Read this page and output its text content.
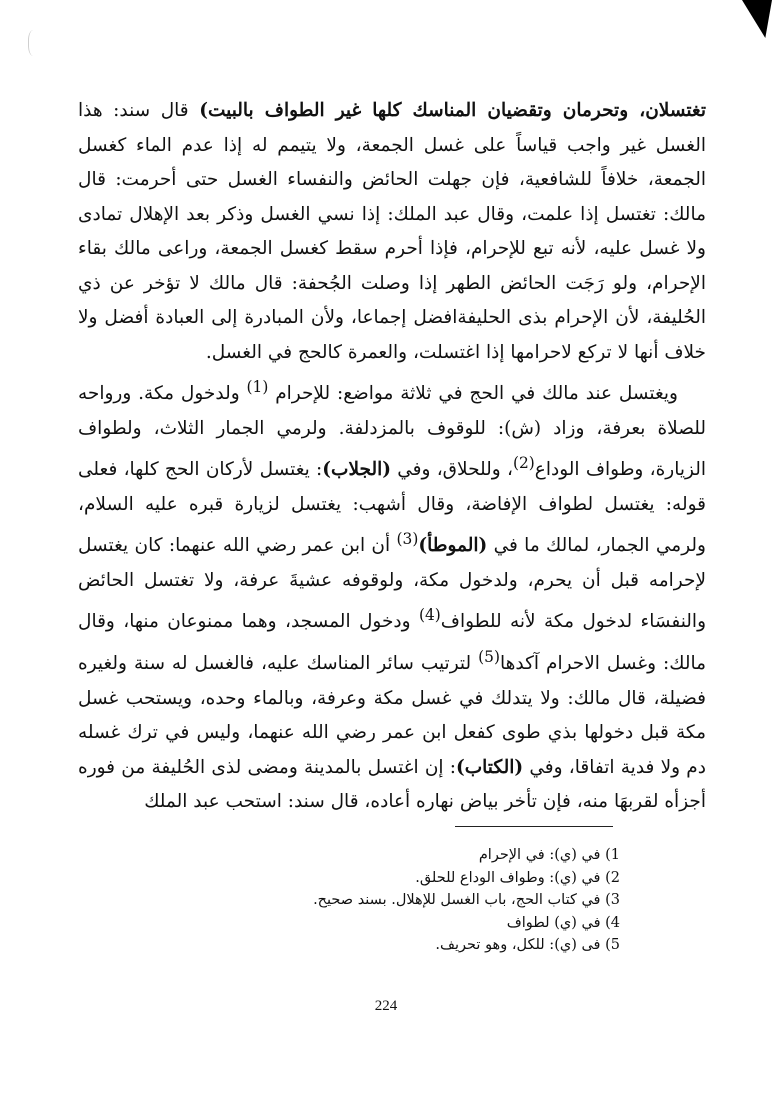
تغتسلان، وتحرمان وتقضيان المناسك كلها غير الطواف بالبيت) قال سند: هذا الغسل غير واجب قياساً على غسل الجمعة، ولا يتيمم له إذا عدم الماء كغسل الجمعة، خلافاً للشافعية، فإن جهلت الحائض والنفساء الغسل حتى أحرمت: قال مالك: تغتسل إذا علمت، وقال عبد الملك: إذا نسي الغسل وذكر بعد الإهلال تمادى ولا غسل عليه، لأنه تبع للإحرام، فإذا أحرم سقط كغسل الجمعة، وراعى مالك بقاء الإحرام، ولو رَجَت الحائض الطهر إذا وصلت الجُحفة: قال مالك لا تؤخر عن ذي الحُليفة، لأن الإحرام بذى الحليفةافضل إجماعا، ولأن المبادرة إلى العبادة أفضل ولا خلاف أنها لا تركع لاحرامها إذا اغتسلت، والعمرة كالحج في الغسل.

ويغتسل عند مالك في الحج في ثلاثة مواضع: للإحرام $^{(1)}$ ولدخول مكة. ورواحه للصلاة بعرفة، وزاد (ش): للوقوف بالمزدلفة. ولرمي الجمار الثلاث، ولطواف الزيارة، وطواف الوداع$^{(2)}$، وللحلاق، وفي (الجلاب): يغتسل لأركان الحج كلها، فعلى قوله: يغتسل لطواف الإفاضة، وقال أشهب: يغتسل لزيارة قبره عليه السلام، ولرمي الجمار، لمالك ما في (الموطأ)$^{(3)}$ أن ابن عمر رضي الله عنهما: كان يغتسل لإحرامه قبل أن يحرم، ولدخول مكة، ولوقوفه عشيةَ عرفة، ولا تغتسل الحائض والنفسَاء لدخول مكة لأنه للطواف$^{(4)}$ ودخول المسجد، وهما ممنوعان منها، وقال مالك: وغسل الاحرام آكدها$^{(5)}$ لترتيب سائر المناسك عليه، فالغسل له سنة ولغيره فضيلة، قال مالك: ولا يتدلك في غسل مكة وعرفة، وبالماء وحده، ويستحب غسل مكة قبل دخولها بذي طوى كفعل ابن عمر رضي الله عنهما، وليس في ترك غسله دم ولا فدية اتفاقا، وفي (الكتاب): إن اغتسل بالمدينة ومضى لذى الحُليفة من فوره أجزأه لقربهَا منه، فإن تأخر بياض نهاره أعاده، قال سند: استحب عبد الملك

1) في (ي): في الإحرام
2) في (ي): وطواف الوداع للحلق.
3) في كتاب الحج، باب الغسل للإهلال. بسند صحيح.
4) في (ي) لطواف
5) فى (ي): للكل، وهو تحريف.
224
